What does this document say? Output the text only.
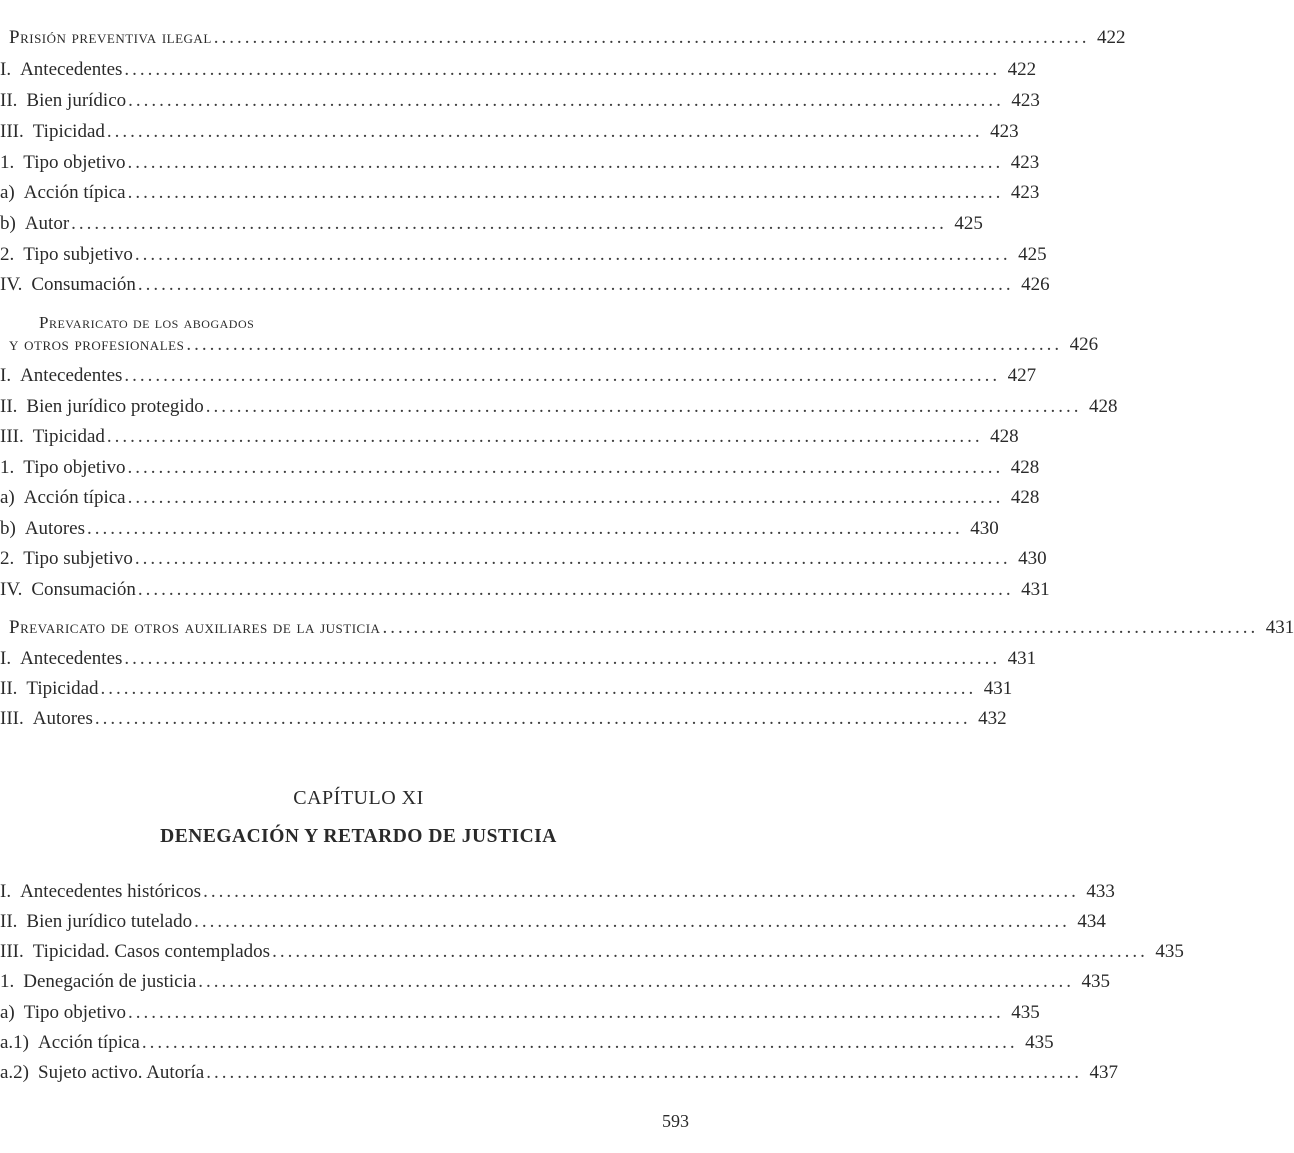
Prisión preventiva ilegal ................................................................................................................. 422
I. Antecedentes ................................................................................................................. 422
II. Bien jurídico ................................................................................................................. 423
III. Tipicidad ................................................................................................................. 423
1. Tipo objetivo ................................................................................................................. 423
a) Acción típica ................................................................................................................. 423
b) Autor ................................................................................................................. 425
2. Tipo subjetivo ................................................................................................................. 425
IV. Consumación ................................................................................................................. 426
Prevaricato de los abogados
y otros profesionales ................................................................................................................. 426
I. Antecedentes ................................................................................................................. 427
II. Bien jurídico protegido ................................................................................................................. 428
III. Tipicidad ................................................................................................................. 428
1. Tipo objetivo ................................................................................................................. 428
a) Acción típica ................................................................................................................. 428
b) Autores ................................................................................................................. 430
2. Tipo subjetivo ................................................................................................................. 430
IV. Consumación ................................................................................................................. 431
Prevaricato de otros auxiliares de la justicia ................................................................................................................. 431
I. Antecedentes ................................................................................................................. 431
II. Tipicidad ................................................................................................................. 431
III. Autores ................................................................................................................. 432
CAPÍTULO XI
DENEGACIÓN Y RETARDO DE JUSTICIA
I. Antecedentes históricos ................................................................................................................. 433
II. Bien jurídico tutelado ................................................................................................................. 434
III. Tipicidad. Casos contemplados ................................................................................................................. 435
1. Denegación de justicia ................................................................................................................. 435
a) Tipo objetivo ................................................................................................................. 435
a.1) Acción típica ................................................................................................................. 435
a.2) Sujeto activo. Autoría ................................................................................................................. 437
593
